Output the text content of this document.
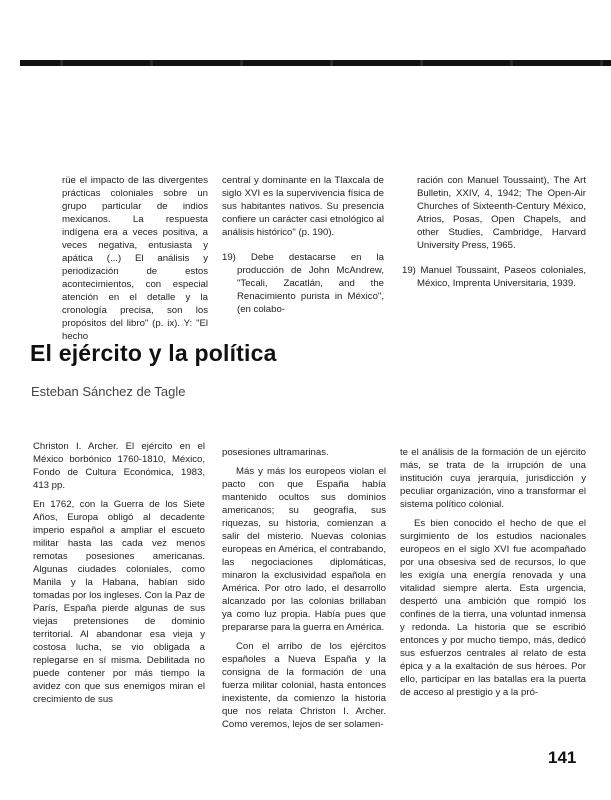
rüe el impacto de las divergentes prácticas coloniales sobre un grupo particular de indios mexicanos. La respuesta indígena era a veces positiva, a veces negativa, entusiasta y apática (...) El análisis y periodización de estos acontecimientos, con especial atención en el detalle y la cronología precisa, son los propósitos del libro" (p. ix). Y: "El hecho

central y dominante en la Tlaxcala de siglo XVI es la supervivencia física de sus habitantes nativos. Su presencia confiere un carácter casi etnológico al análisis histórico" (p. 190).

19) Debe destacarse en la producción de John McAndrew, "Tecali, Zacatlán, and the Renacimiento purista in México", (en colabo-

ración con Manuel Toussaint), The Art Bulletin, XXIV, 4, 1942; The Open-Air Churches of Sixteenth-Century México, Atrios, Posas, Open Chapels, and other Studies, Cambridge, Harvard University Press, 1965.

19) Manuel Toussaint, Paseos coloniales, México, Imprenta Universitaria, 1939.

El ejército y la política
Esteban Sánchez de Tagle

Christon I. Archer. El ejército en el México borbónico 1760-1810, México, Fondo de Cultura Económica, 1983, 413 pp.

En 1762, con la Guerra de los Siete Años, Europa obligó al decadente imperio español a ampliar el escueto militar hasta las cada vez menos remotas posesiones americanas. Algunas ciudades coloniales, como Manila y la Habana, habían sido tomadas por los ingleses. Con la Paz de París, España pierde algunas de sus viejas pretensiones de dominio territorial. Al abandonar esa vieja y costosa lucha, se vio obligada a replegarse en sí misma. Debilitada no puede contener por más tiempo la avidez con que sus enemigos miran el crecimiento de sus

posesiones ultramarinas.

Más y más los europeos violan el pacto con que España había mantenido ocultos sus dominios americanos; su geografía, sus riquezas, su historia, comienzan a salir del misterio. Nuevas colonias europeas en América, el contrabando, las negociaciones diplomáticas, minaron la exclusividad española en América. Por otro lado, el desarrollo alcanzado por las colonias brillaban ya como luz propia. Había pues que prepararse para la guerra en América.

Con el arribo de los ejércitos españoles a Nueva España y la consigna de la formación de una fuerza militar colonial, hasta entonces inexistente, da comienzo la historia que nos relata Christon I. Archer. Como veremos, lejos de ser solamen-

te el análisis de la formación de un ejército más, se trata de la irrupción de una institución cuya jerarquía, jurisdicción y peculiar organización, vino a transformar el sistema político colonial.

Es bien conocido el hecho de que el surgimiento de los estudios nacionales europeos en el siglo XVI fue acompañado por una obsesiva sed de recursos, lo que les exigía una energía renovada y una vitalidad siempre alerta. Esta urgencia, despertó una ambición que rompió los confines de la tierra, una voluntad inmensa y redonda. La historia que se escribió entonces y por mucho tiempo, más, dedicó sus esfuerzos centrales al relato de esta épica y a la exaltación de sus héroes. Por ello, participar en las batallas era la puerta de acceso al prestigio y a la pró-

141
